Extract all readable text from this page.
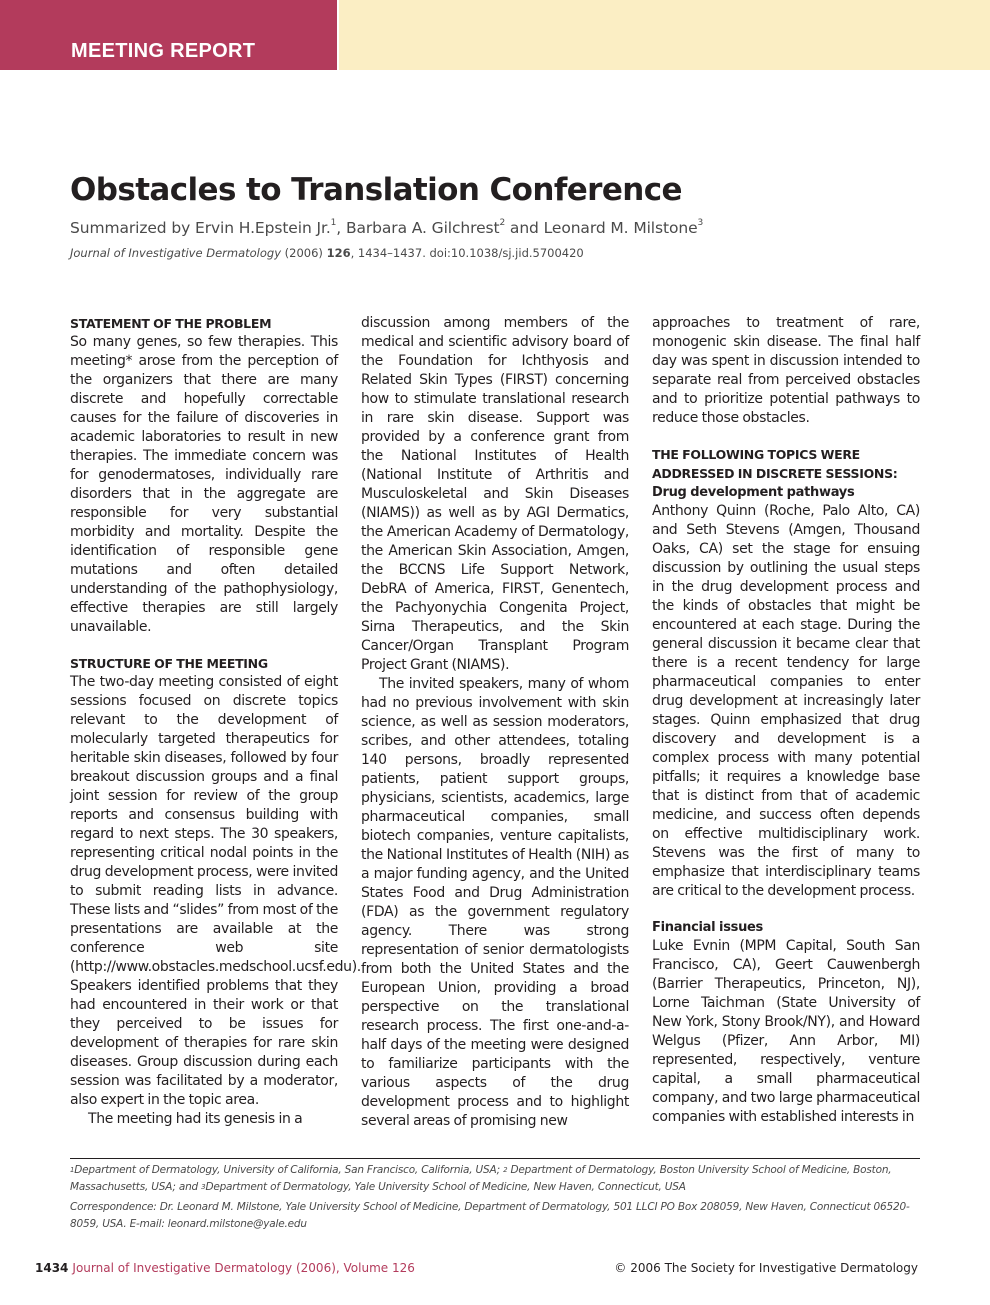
MEETING REPORT
Obstacles to Translation Conference
Summarized by Ervin H.Epstein Jr.$^1$, Barbara A. Gilchrest$^2$ and Leonard M. Milstone$^3$
Journal of Investigative Dermatology (2006) 126, 1434–1437. doi:10.1038/sj.jid.5700420
STATEMENT OF THE PROBLEM

So many genes, so few therapies. This meeting* arose from the perception of the organizers that there are many discrete and hopefully correctable causes for the failure of discoveries in academic laboratories to result in new therapies. The immediate concern was for genodermatoses, individually rare disorders that in the aggregate are responsible for very substantial morbidity and mortality. Despite the identification of responsible gene mutations and often detailed understanding of the pathophysiology, effective therapies are still largely unavailable.

STRUCTURE OF THE MEETING

The two-day meeting consisted of eight sessions focused on discrete topics relevant to the development of molecularly targeted therapeutics for heritable skin diseases, followed by four breakout discussion groups and a final joint session for review of the group reports and consensus building with regard to next steps. The 30 speakers, representing critical nodal points in the drug development process, were invited to submit reading lists in advance. These lists and “slides” from most of the presentations are available at the conference web site (http://www.obstacles.medschool.ucsf.edu). Speakers identified problems that they had encountered in their work or that they perceived to be issues for development of therapies for rare skin diseases. Group discussion during each session was facilitated by a moderator, also expert in the topic area.

The meeting had its genesis in a

discussion among members of the medical and scientific advisory board of the Foundation for Ichthyosis and Related Skin Types (FIRST) concerning how to stimulate translational research in rare skin disease. Support was provided by a conference grant from the National Institutes of Health (National Institute of Arthritis and Musculoskeletal and Skin Diseases (NIAMS)) as well as by AGI Dermatics, the American Academy of Dermatology, the American Skin Association, Amgen, the BCCNS Life Support Network, DebRA of America, FIRST, Genentech, the Pachyonychia Congenita Project, Sirna Therapeutics, and the Skin Cancer/Organ Transplant Program Project Grant (NIAMS).

The invited speakers, many of whom had no previous involvement with skin science, as well as session moderators, scribes, and other attendees, totaling 140 persons, broadly represented patients, patient support groups, physicians, scientists, academics, large pharmaceutical companies, small biotech companies, venture capitalists, the National Institutes of Health (NIH) as a major funding agency, and the United States Food and Drug Administration (FDA) as the government regulatory agency. There was strong representation of senior dermatologists from both the United States and the European Union, providing a broad perspective on the translational research process. The first one-and-a-half days of the meeting were designed to familiarize participants with the various aspects of the drug development process and to highlight several areas of promising new

approaches to treatment of rare, monogenic skin disease. The final half day was spent in discussion intended to separate real from perceived obstacles and to prioritize potential pathways to reduce those obstacles.

THE FOLLOWING TOPICS WERE ADDRESSED IN DISCRETE SESSIONS:
Drug development pathways

Anthony Quinn (Roche, Palo Alto, CA) and Seth Stevens (Amgen, Thousand Oaks, CA) set the stage for ensuing discussion by outlining the usual steps in the drug development process and the kinds of obstacles that might be encountered at each stage. During the general discussion it became clear that there is a recent tendency for large pharmaceutical companies to enter drug development at increasingly later stages. Quinn emphasized that drug discovery and development is a complex process with many potential pitfalls; it requires a knowledge base that is distinct from that of academic medicine, and success often depends on effective multidisciplinary work. Stevens was the first of many to emphasize that interdisciplinary teams are critical to the development process.

Financial issues

Luke Evnin (MPM Capital, South San Francisco, CA), Geert Cauwenbergh (Barrier Therapeutics, Princeton, NJ), Lorne Taichman (State University of New York, Stony Brook/NY), and Howard Welgus (Pfizer, Ann Arbor, MI) represented, respectively, venture capital, a small pharmaceutical company, and two large pharmaceutical companies with established interests in

$^1$Department of Dermatology, University of California, San Francisco, California, USA; $^2$ Department of Dermatology, Boston University School of Medicine, Boston, Massachusetts, USA; and $^3$Department of Dermatology, Yale University School of Medicine, New Haven, Connecticut, USA

Correspondence: Dr. Leonard M. Milstone, Yale University School of Medicine, Department of Dermatology, 501 LLCI PO Box 208059, New Haven, Connecticut 06520-8059, USA. E-mail: leonard.milstone@yale.edu

1434 Journal of Investigative Dermatology (2006), Volume 126	© 2006 The Society for Investigative Dermatology
